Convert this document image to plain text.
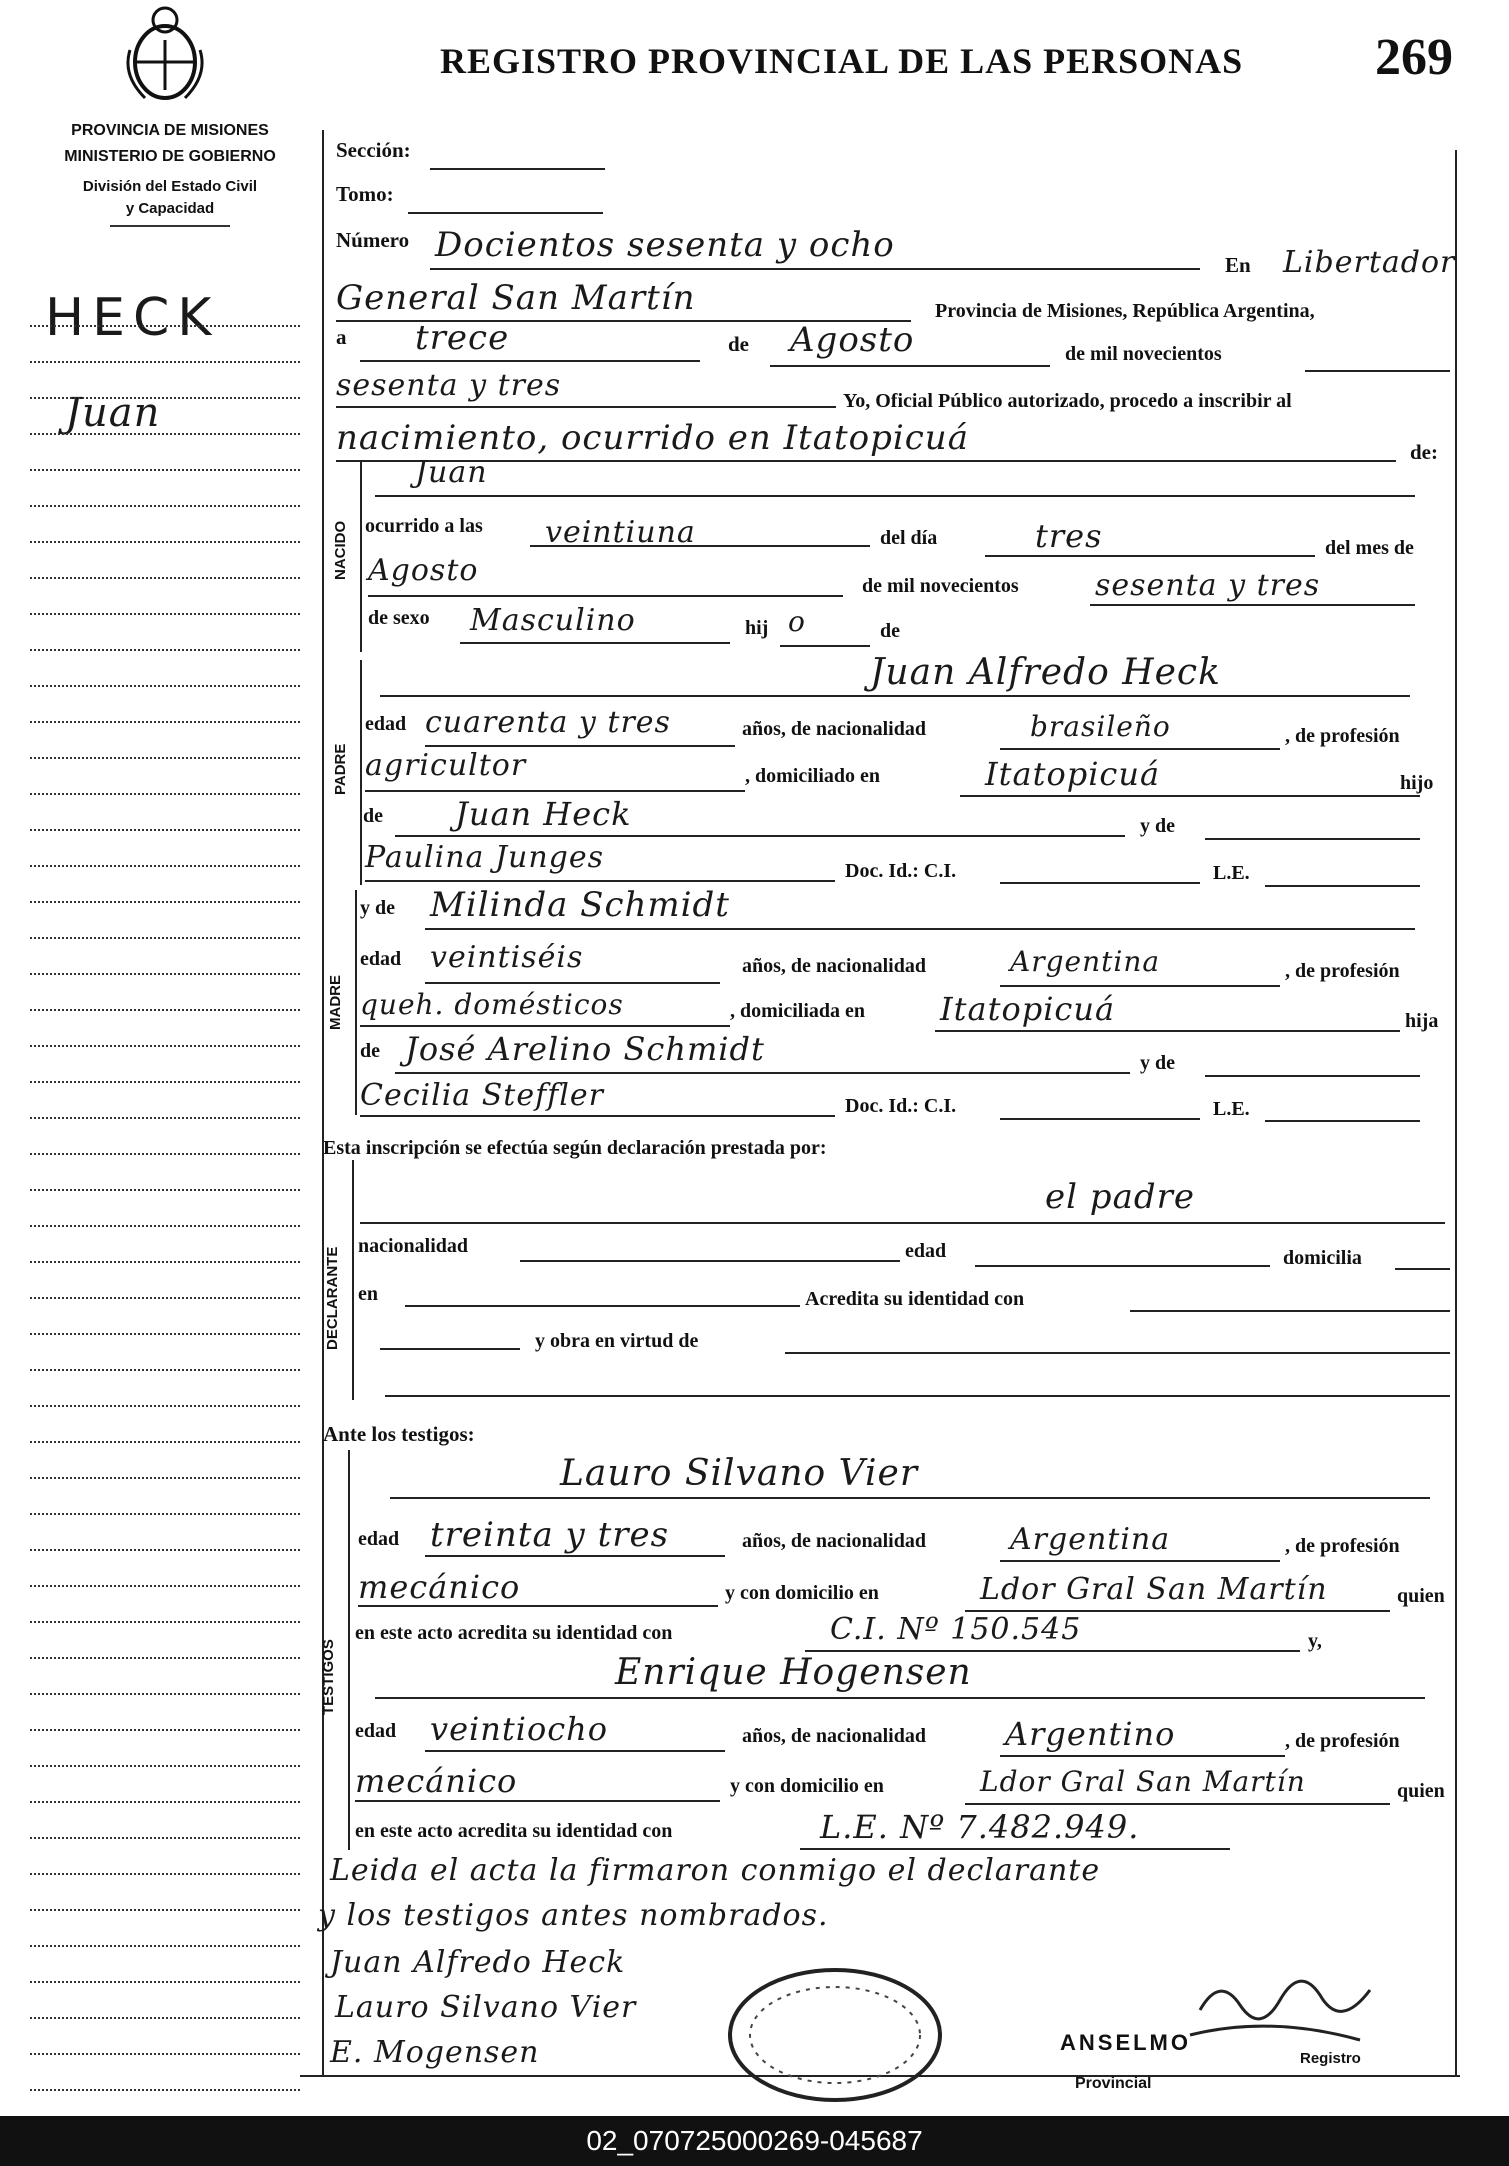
PROVINCIA DE MISIONES
MINISTERIO DE GOBIERNO
División del Estado Civil
y Capacidad
REGISTRO PROVINCIAL DE LAS PERSONAS	269
HECK
Juan
Sección:
Tomo:
Número Docientos sesenta y ocho	En Libertador
General San Martín	Provincia de Misiones, República Argentina,
a trece	de Agosto	de mil novecientos
sesenta y tres	Yo, Oficial Público autorizado, procedo a inscribir al
nacimiento, ocurrido en Itatopicuá	de:
NACIDO
Juan
ocurrido a las veintiuna	del día	tres	del mes de
Agosto	de mil novecientos	sesenta y tres
de sexo Masculino	hij o	de
PADRE
Juan Alfredo Heck
edad cuarenta y tres	años, de nacionalidad	brasileño	, de profesión
agricultor	, domiciliado en	Itatopicuá	hijo
de Juan Heck	y de
Paulina Junges	Doc. Id.: C.I.	L.E.
MADRE
y de Milinda Schmidt
edad veintiséis	años, de nacionalidad	Argentina	, de profesión
queh. domésticos	, domiciliada en Itatopicuá	hija
de José Arelino Schmidt	y de
Cecilia Steffler	Doc. Id.: C.I.	L.E.
Esta inscripción se efectúa según declaración prestada por:
DECLARANTE
el padre
nacionalidad	edad	domicilia
en	Acredita su identidad con
y obra en virtud de
Ante los testigos:
TESTIGOS
Lauro Silvano Vier
edad treinta y tres	años, de nacionalidad	Argentina	, de profesión
mecánico	y con domicilio en	Ldor Gral San Martín	quien
en este acto acredita su identidad con	C.I. Nº 150.545	y,
Enrique Hogensen
edad veintiocho	años, de nacionalidad Argentino	, de profesión
mecánico	y con domicilio en	Ldor Gral San Martín	quien
en este acto acredita su identidad con	L.E. Nº 7.482.949.
Leida el acta la firmaron conmigo el declarante
y los testigos antes nombrados.
Juan Alfredo Heck
Lauro Silvano Vier
E. Mogensen	ANSELMO
Registro
Provincial
02_070725000269-045687
